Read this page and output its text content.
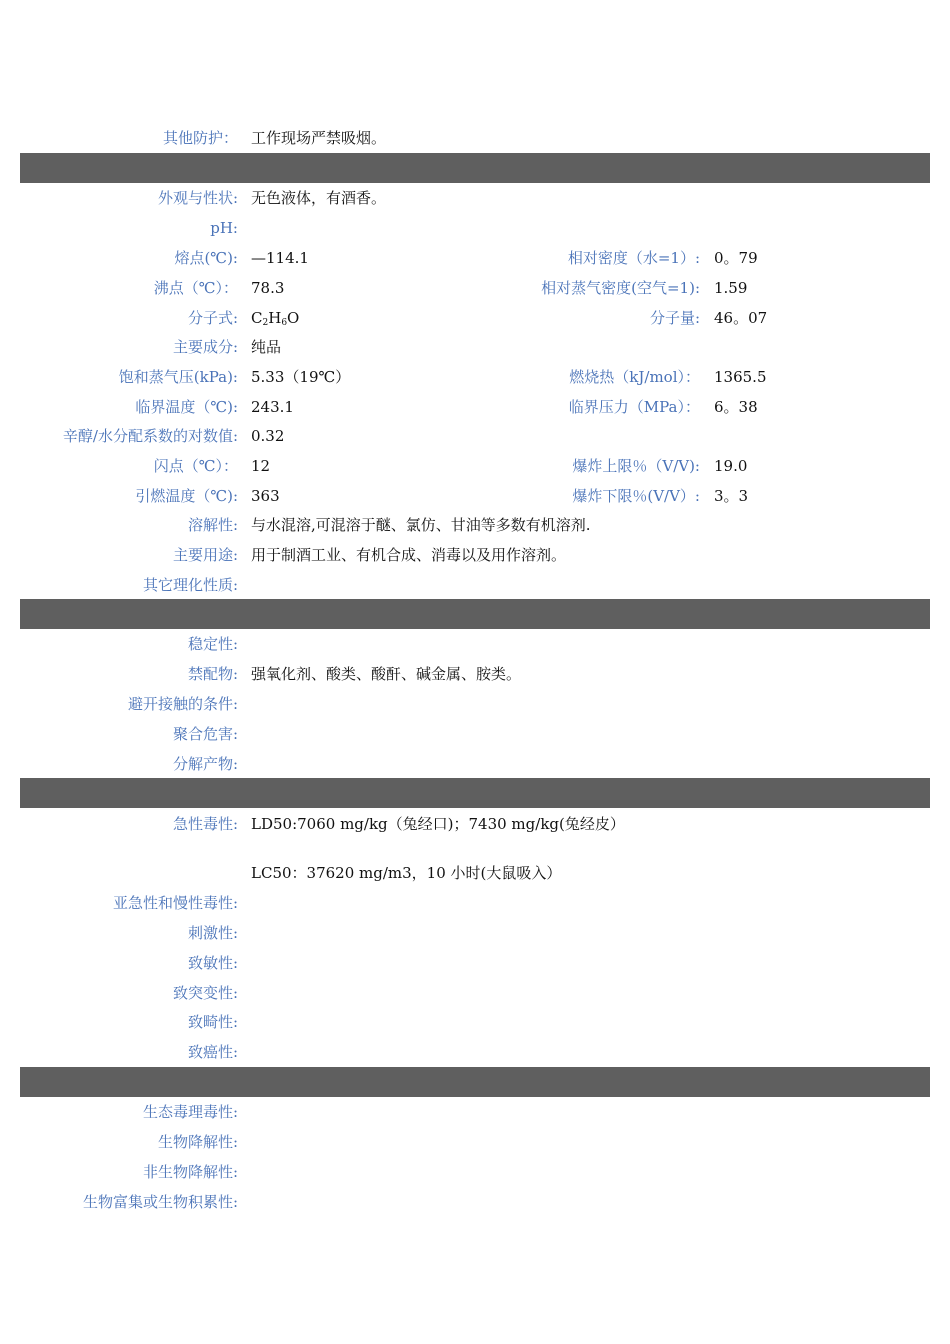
其他防护： 工作现场严禁吸烟。
外观与性状: 无色液体，有酒香。
pH:
熔点(℃): —114.1	相对密度（水=1）: 0。79
沸点（℃）： 78.3	相对蒸气密度(空气=1): 1.59
分子式: $C_2H_6O$	分子量: 46。07
主要成分: 纯品
饱和蒸气压(kPa): 5.33（19℃）	燃烧热（kJ/mol）： 1365.5
临界温度（℃): 243.1	临界压力（MPa）： 6。38
辛醇/水分配系数的对数值: 0.32
闪点（℃）： 12	爆炸上限％（V/V): 19.0
引燃温度（℃): 363	爆炸下限％(V/V）: 3。3
溶解性: 与水混溶,可混溶于醚、氯仿、甘油等多数有机溶剂.
主要用途: 用于制酒工业、有机合成、消毒以及用作溶剂。
其它理化性质:
稳定性:
禁配物: 强氧化剂、酸类、酸酐、碱金属、胺类。
避开接触的条件:
聚合危害:
分解产物:
急性毒性: LD50:7060 mg/kg（兔经口)；7430 mg/kg(兔经皮）
LC50：37620 mg/m3，10 小时(大鼠吸入）
亚急性和慢性毒性:
刺激性:
致敏性:
致突变性:
致畸性:
致癌性:
生态毒理毒性:
生物降解性:
非生物降解性:
生物富集或生物积累性:
